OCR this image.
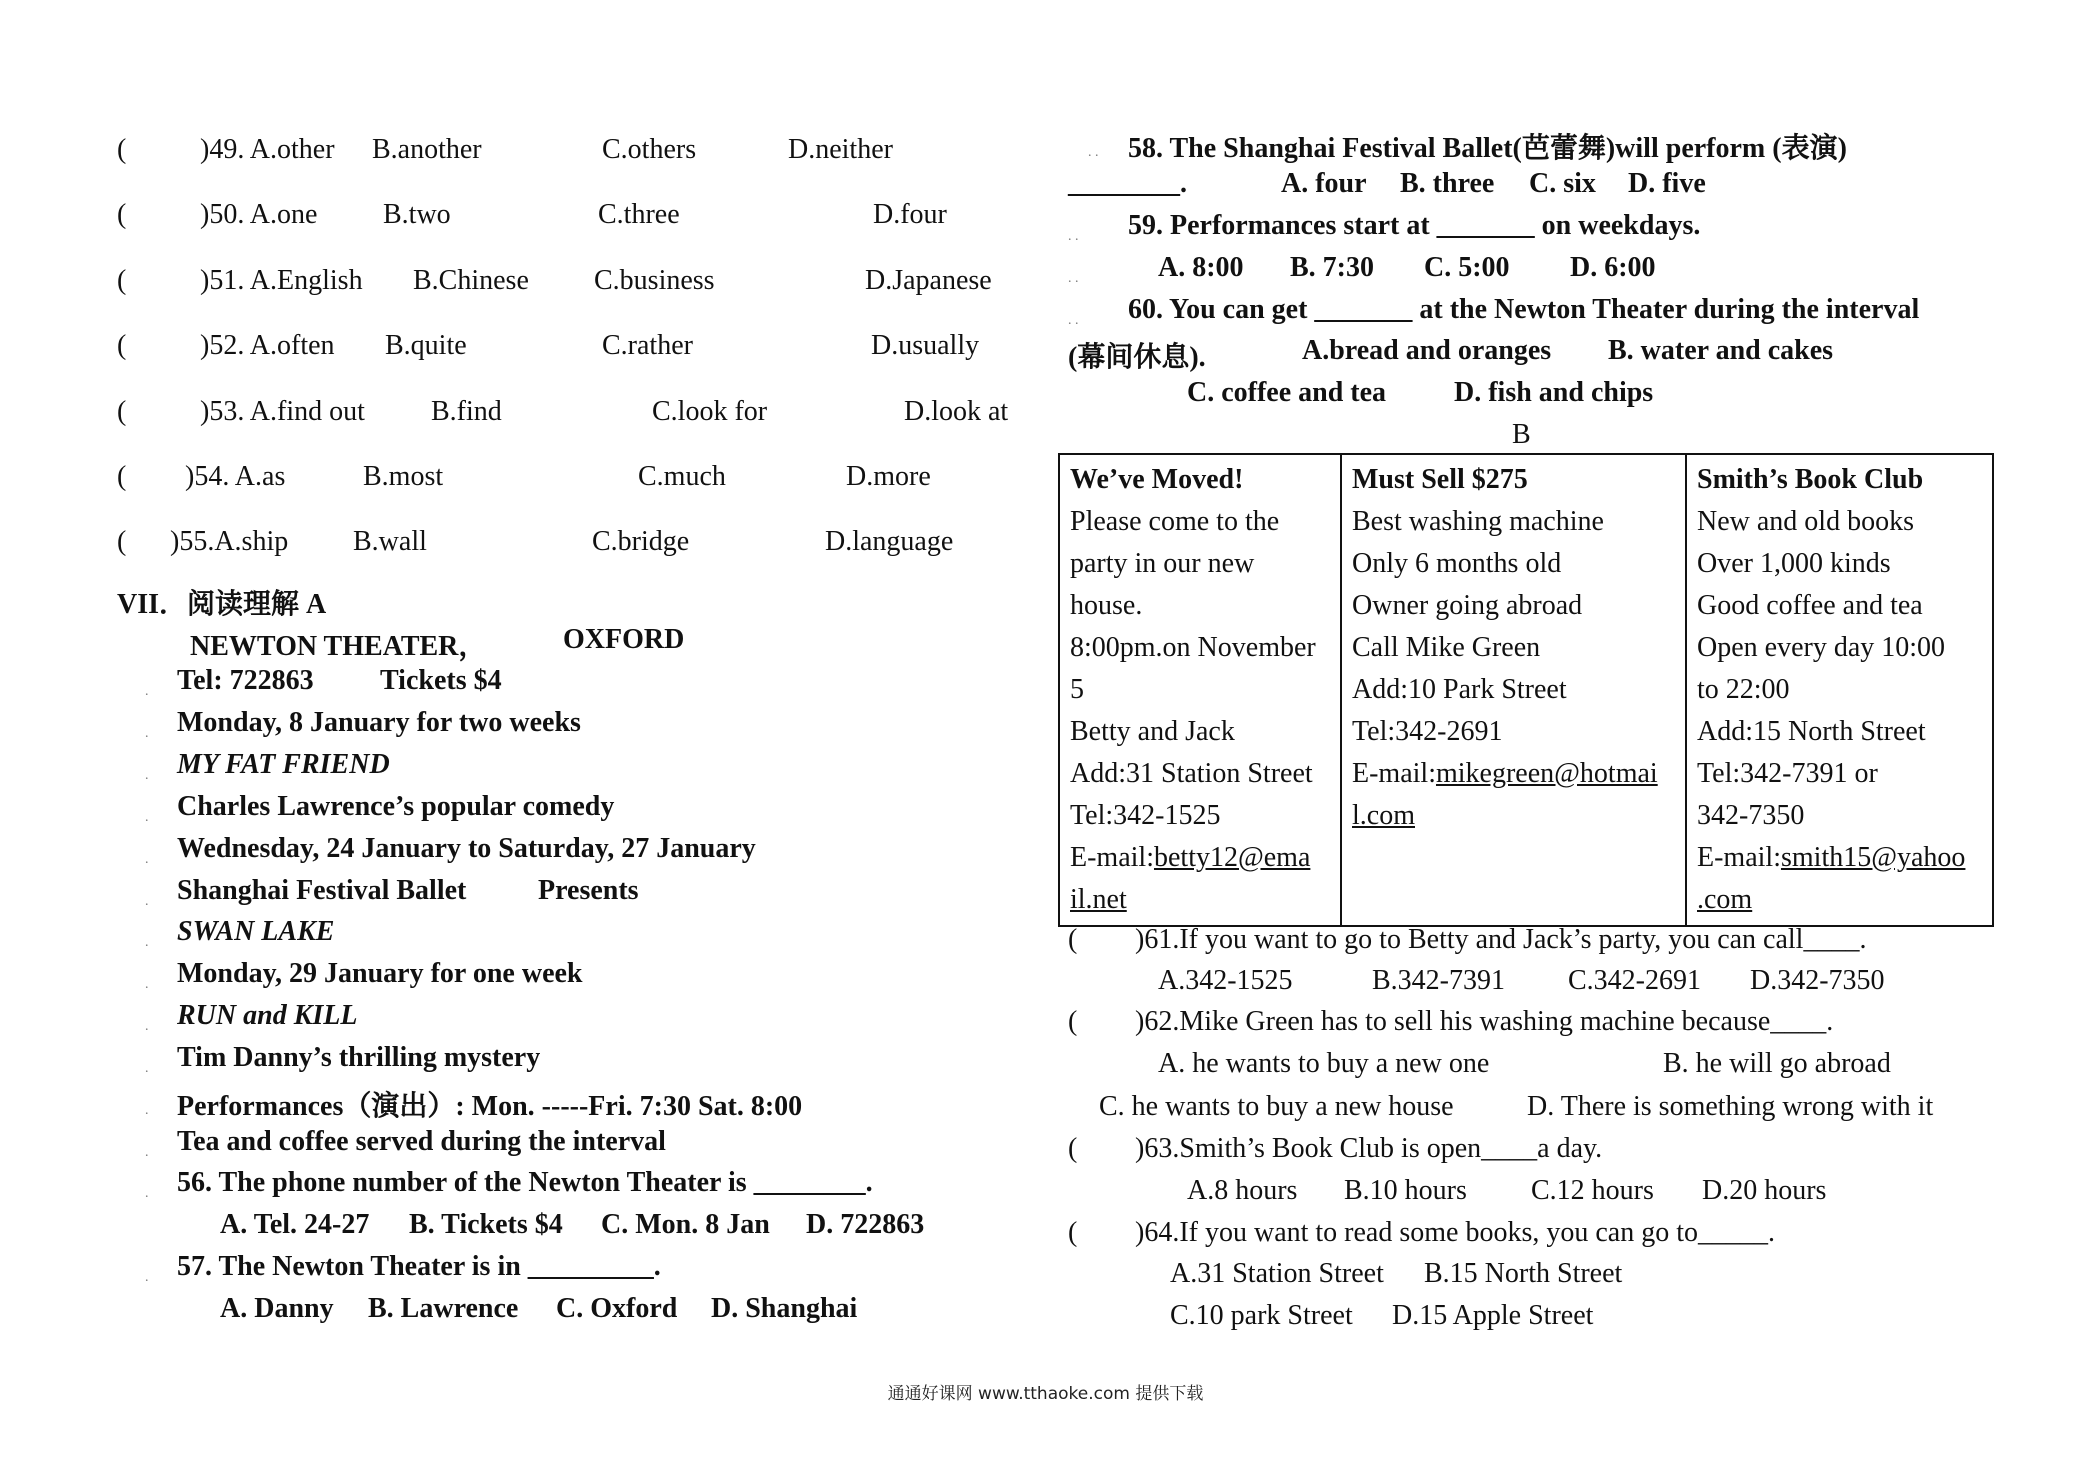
(	)49. A.other B.another	C.others	D.neither
(	)50. A.one B.two	C.three	D.four
(	)51. A.English B.Chinese C.business	D.Japanese
(	)52. A.often B.quite	C.rather	D.usually
(	)53. A.find out B.find	C.look for	D.look at
( )54. A.as	B.most	C.much	D.more
( )55.A.ship B.wall	C.bridge	D.language
VII．阅读理解 A
NEWTON THEATER，	OXFORD
Tel: 722863 Tickets $4
Monday, 8 January for two weeks
MY FAT FRIEND
Charles Lawrence’s popular comedy
Wednesday, 24 January to Saturday, 27 January
Shanghai Festival Ballet	Presents
SWAN LAKE
Monday, 29 January for one week
RUN and KILL
Tim Danny’s thrilling mystery
Performances（演出）: Mon. -----Fri. 7:30 Sat. 8:00
Tea and coffee served during the interval
56. The phone number of the Newton Theater is ________.
A. Tel. 24-27 B. Tickets $4 C. Mon. 8 Jan D. 722863
57. The Newton Theater is in _________.
A. Danny B. Lawrence C. Oxford D. Shanghai
.
.
.
.
.
.
.
.
.
.
.
.
.
.
58. The Shanghai Festival Ballet(芭蕾舞)will perform (表演)
________.	A. four B. three C. six D. five
59. Performances start at _______ on weekdays.
A. 8:00 B. 7:30 C. 5:00 D. 6:00
60. You can get _______ at the Newton Theater during the interval
(幕间休息).	A.bread and oranges B. water and cakes
C. coffee and tea D. fish and chips
B
. .
. .
. .
. .
We’ve Moved!
Please come to the
party in our new
house.
8:00pm.on November
5
Betty and Jack
Add:31 Station Street
Tel:342-1525
E-mail:betty12@ema
il.net

Must Sell $275
Best washing machine
Only 6 months old
Owner going abroad
Call Mike Green
Add:10 Park Street
Tel:342-2691
E-mail:mikegreen@hotmai
l.com

Smith’s Book Club
New and old books
Over 1,000 kinds
Good coffee and tea
Open every day 10:00
to 22:00
Add:15 North Street
Tel:342-7391 or
342-7350
E-mail:smith15@yahoo
.com
( )61.If you want to go to Betty and Jack’s party, you can call____.
A.342-1525	B.342-7391 C.342-2691 D.342-7350
( )62.Mike Green has to sell his washing machine because____.
A. he wants to buy a new one	B. he will go abroad
C. he wants to buy a new house	D. There is something wrong with it
( )63.Smith’s Book Club is open____a day.
A.8 hours B.10 hours C.12 hours D.20 hours
( )64.If you want to read some books, you can go to_____.
A.31 Station Street B.15 North Street
C.10 park Street D.15 Apple Street
通通好课网 www.tthaoke.com 提供下载
